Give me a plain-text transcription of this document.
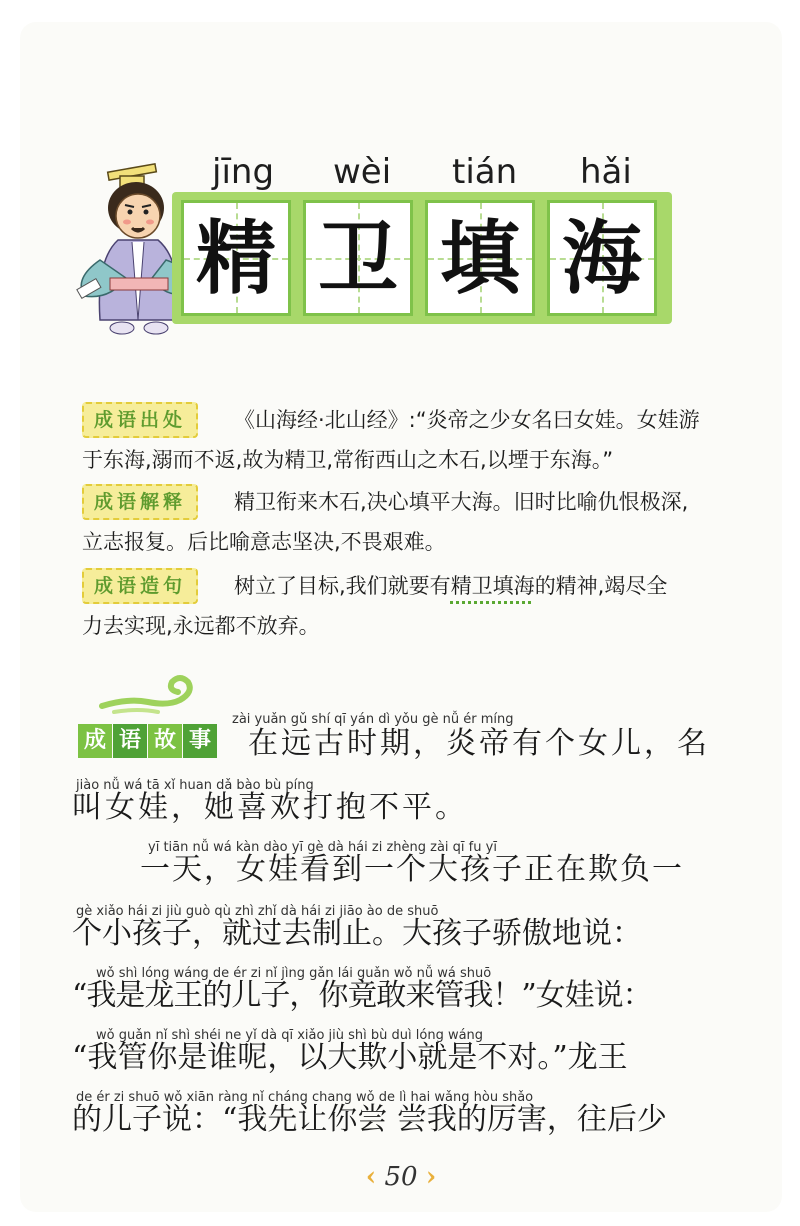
jīng wèi tián hǎi
精 卫 填 海
成语出处	《山海经·北山经》:“炎帝之少女名曰女娃。女娃游
于东海,溺而不返,故为精卫,常衔西山之木石,以堙于东海。”
成语解释	精卫衔来木石,决心填平大海。旧时比喻仇恨极深,
立志报复。后比喻意志坚决,不畏艰难。
成语造句	树立了目标,我们就要有精卫填海的精神,竭尽全
力去实现,永远都不放弃。
成 语 故 事
zài yuǎn gǔ shí qī yán dì yǒu gè nǚ ér míng
在远古时期，炎帝有个女儿，名
jiào nǚ wá tā xǐ huan dǎ bào bù píng
叫女娃，她喜欢打抱不平。
yī tiān nǚ wá kàn dào yī gè dà hái zi zhèng zài qī fu yī
一天，女娃看到一个大孩子正在欺负一
gè xiǎo hái zi jiù guò qù zhì zhǐ dà hái zi jiāo ào de shuō
个小孩子，就过去制止。大孩子骄傲地说：
wǒ shì lóng wáng de ér zi nǐ jìng gǎn lái guǎn wǒ nǚ wá shuō
“我是龙王的儿子，你竟敢来管我！”女娃说：
wǒ guǎn nǐ shì shéi ne yǐ dà qī xiǎo jiù shì bù duì lóng wáng
“我管你是谁呢，以大欺小就是不对。”龙王
de ér zi shuō wǒ xiān ràng nǐ cháng chang wǒ de lì hai wǎng hòu shǎo
的儿子说：“我先让你尝 尝我的厉害，往后少
‹ 50 ›
